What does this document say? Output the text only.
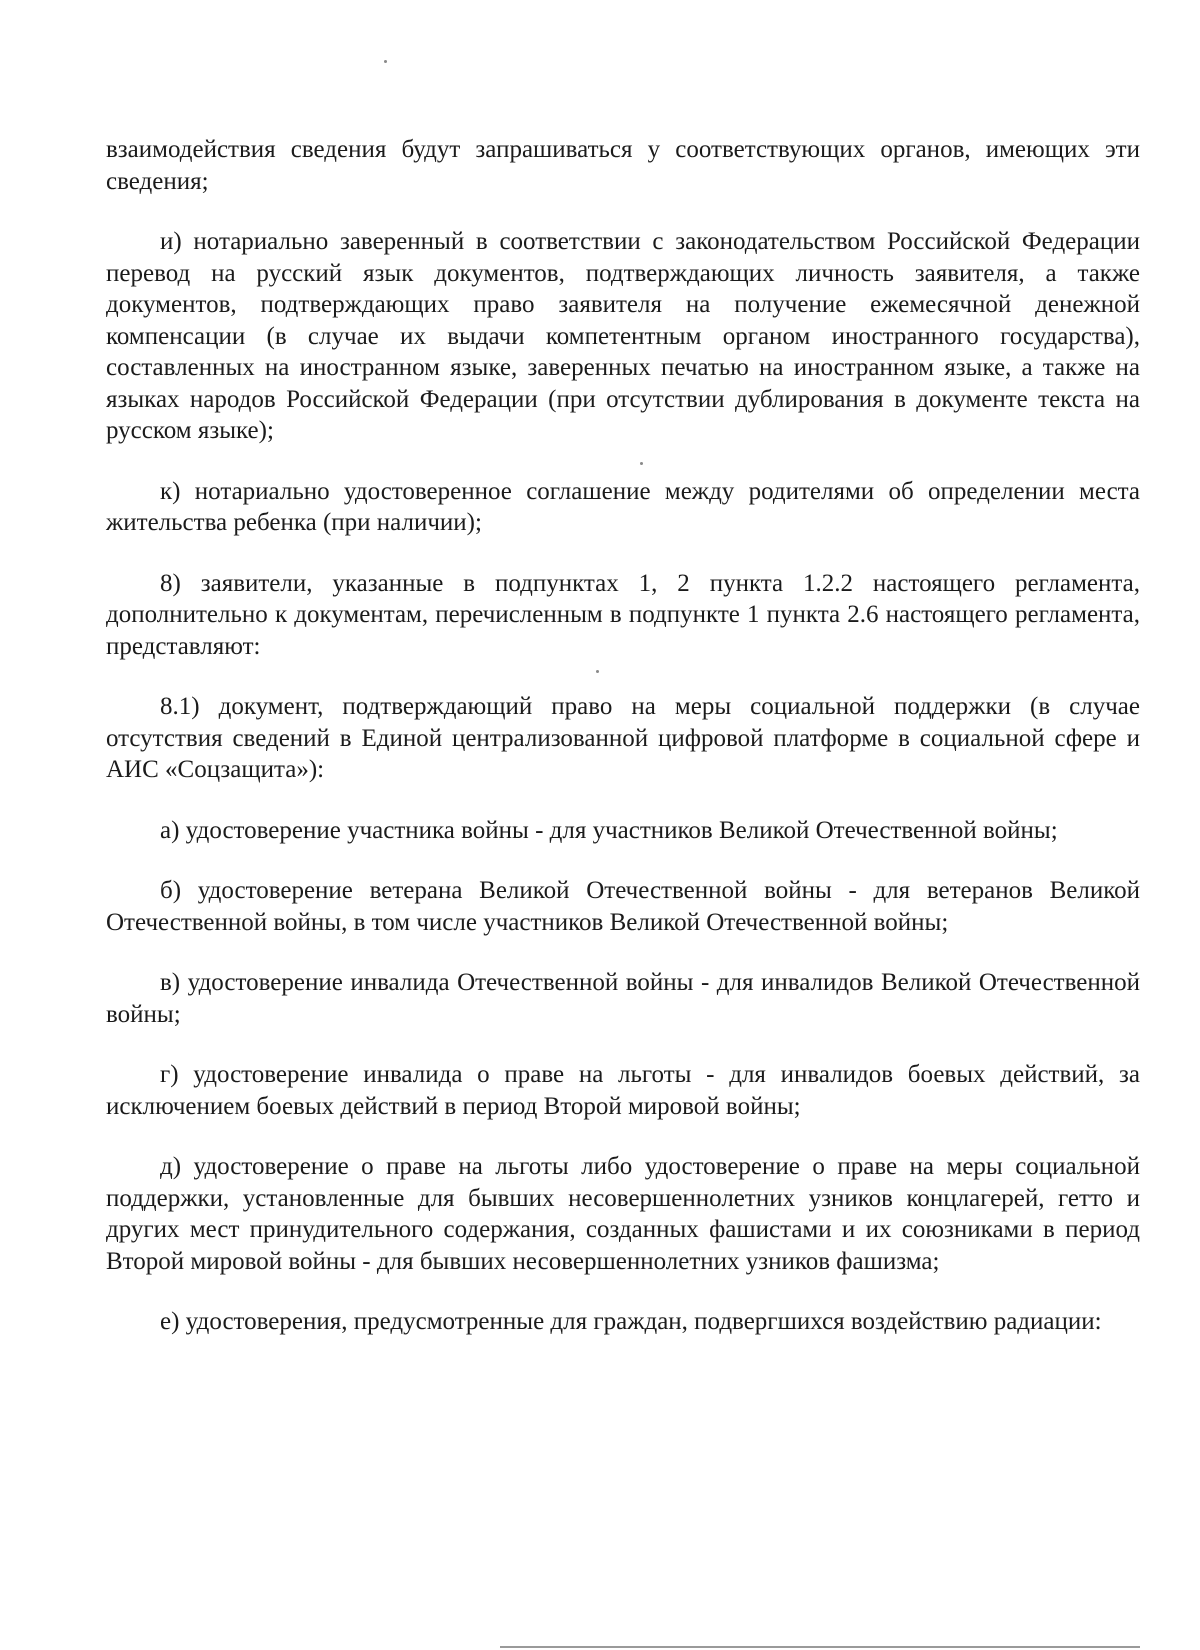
взаимодействия сведения будут запрашиваться у соответствующих органов, имеющих эти сведения;

и) нотариально заверенный в соответствии с законодательством Российской Федерации перевод на русский язык документов, подтверждающих личность заявителя, а также документов, подтверждающих право заявителя на получение ежемесячной денежной компенсации (в случае их выдачи компетентным органом иностранного государства), составленных на иностранном языке, заверенных печатью на иностранном языке, а также на языках народов Российской Федерации (при отсутствии дублирования в документе текста на русском языке);

к) нотариально удостоверенное соглашение между родителями об определении места жительства ребенка (при наличии);

8) заявители, указанные в подпунктах 1, 2 пункта 1.2.2 настоящего регламента, дополнительно к документам, перечисленным в подпункте 1 пункта 2.6 настоящего регламента, представляют:

8.1) документ, подтверждающий право на меры социальной поддержки (в случае отсутствия сведений в Единой централизованной цифровой платформе в социальной сфере и АИС «Соцзащита»):

а) удостоверение участника войны - для участников Великой Отечественной войны;

б) удостоверение ветерана Великой Отечественной войны - для ветеранов Великой Отечественной войны, в том числе участников Великой Отечественной войны;

в) удостоверение инвалида Отечественной войны - для инвалидов Великой Отечественной войны;

г) удостоверение инвалида о праве на льготы - для инвалидов боевых действий, за исключением боевых действий в период Второй мировой войны;

д) удостоверение о праве на льготы либо удостоверение о праве на меры социальной поддержки, установленные для бывших несовершеннолетних узников концлагерей, гетто и других мест принудительного содержания, созданных фашистами и их союзниками в период Второй мировой войны - для бывших несовершеннолетних узников фашизма;

е) удостоверения, предусмотренные для граждан, подвергшихся воздействию радиации:
